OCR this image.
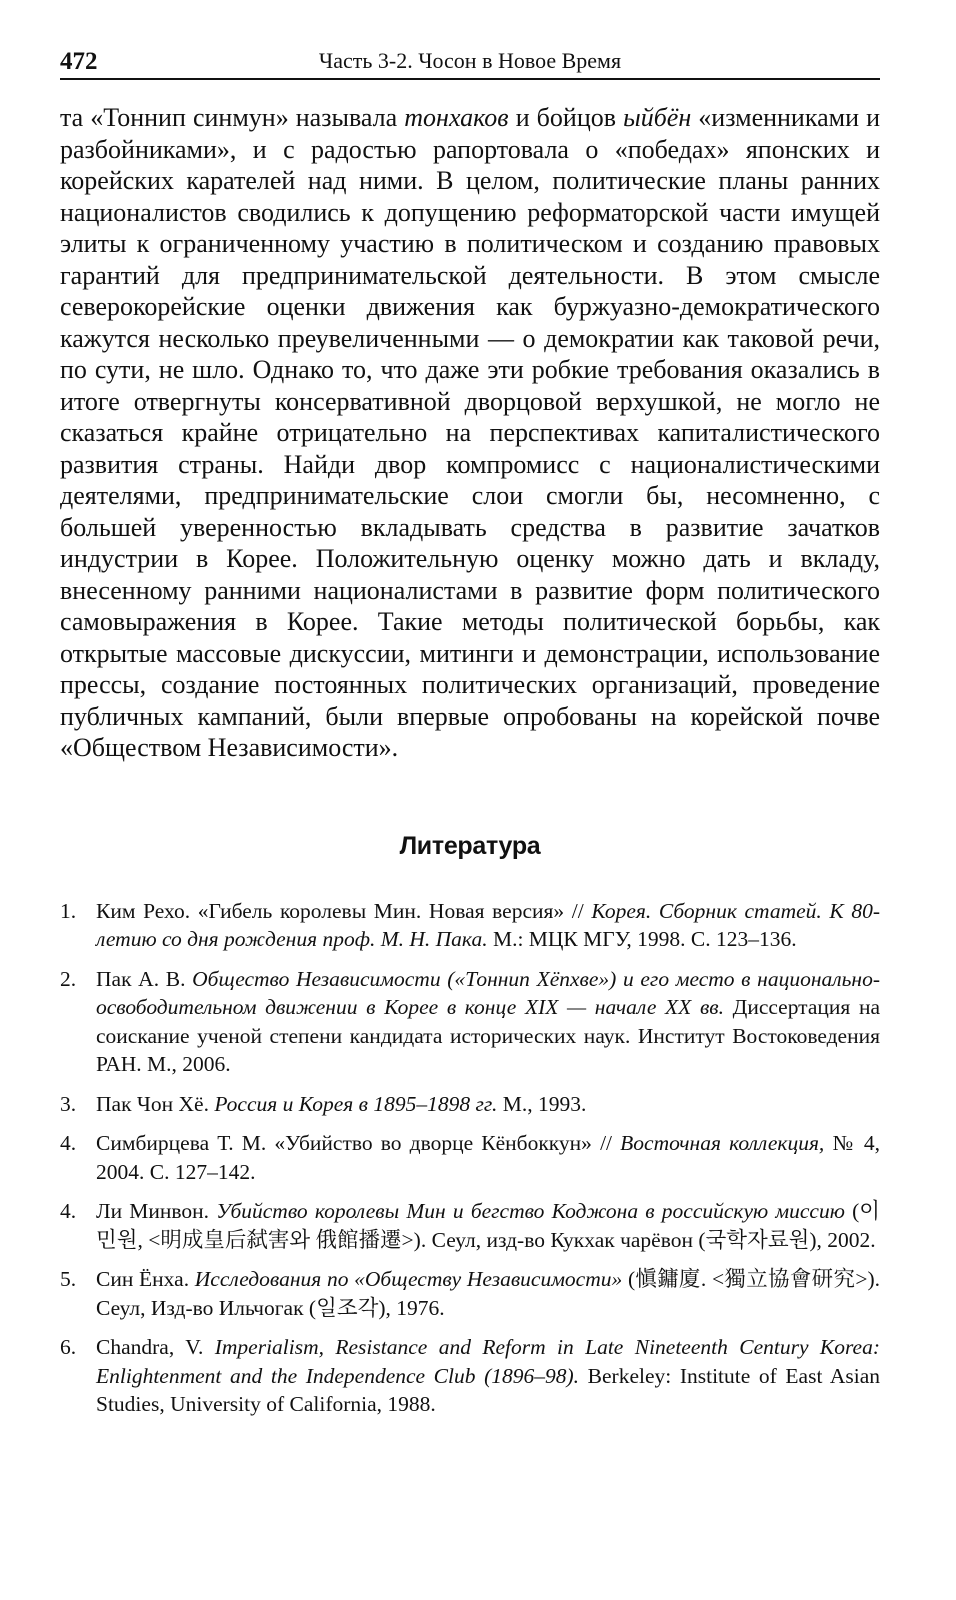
472	Часть 3-2. Чосон в Новое Время

та «Тоннип синмун» называла тонхаков и бойцов ыйбён «изменниками и разбойниками», и с радостью рапортовала о «победах» японских и корейских карателей над ними. В целом, политические планы ранних националистов сводились к допущению реформаторской части имущей элиты к ограниченному участию в политическом и созданию правовых гарантий для предпринимательской деятельности. В этом смысле северокорейские оценки движения как буржуазно-демократического кажутся несколько преувеличенными — о демократии как таковой речи, по сути, не шло. Однако то, что даже эти робкие требования оказались в итоге отвергнуты консервативной дворцовой верхушкой, не могло не сказаться крайне отрицательно на перспективах капиталистического развития страны. Найди двор компромисс с националистическими деятелями, предпринимательские слои смогли бы, несомненно, с большей уверенностью вкладывать средства в развитие зачатков индустрии в Корее. Положительную оценку можно дать и вкладу, внесенному ранними националистами в развитие форм политического самовыражения в Корее. Такие методы политической борьбы, как открытые массовые дискуссии, митинги и демонстрации, использование прессы, создание постоянных политических организаций, проведение публичных кампаний, были впервые опробованы на корейской почве «Обществом Независимости».

Литература
1. Ким Рехо. «Гибель королевы Мин. Новая версия» // Корея. Сборник статей. К 80-летию со дня рождения проф. М. Н. Пака. М.: МЦК МГУ, 1998. С. 123–136.
2. Пак А. В. Общество Независимости («Тоннип Хёпхве») и его место в национально-освободительном движении в Корее в конце XIX — начале XX вв. Диссертация на соискание ученой степени кандидата исторических наук. Институт Востоковедения РАН. М., 2006.
3. Пак Чон Хё. Россия и Корея в 1895–1898 гг. М., 1993.
4. Симбирцева Т. М. «Убийство во дворце Кёнбоккун» // Восточная коллекция, № 4, 2004. С. 127–142.
4. Ли Минвон. Убийство королевы Мин и бегство Коджона в российскую миссию (이민원, <明成皇后弑害와 俄館播遷>). Сеул, изд-во Кукхак чарёвон (국학자료원), 2002.
5. Син Ёнха. Исследования по «Обществу Независимости» (愼鏞廈. <獨立協會研究>). Сеул, Изд-во Ильчогак (일조각), 1976.
6. Chandra, V. Imperialism, Resistance and Reform in Late Nineteenth Century Korea: Enlightenment and the Independence Club (1896–98). Berkeley: Institute of East Asian Studies, University of California, 1988.
